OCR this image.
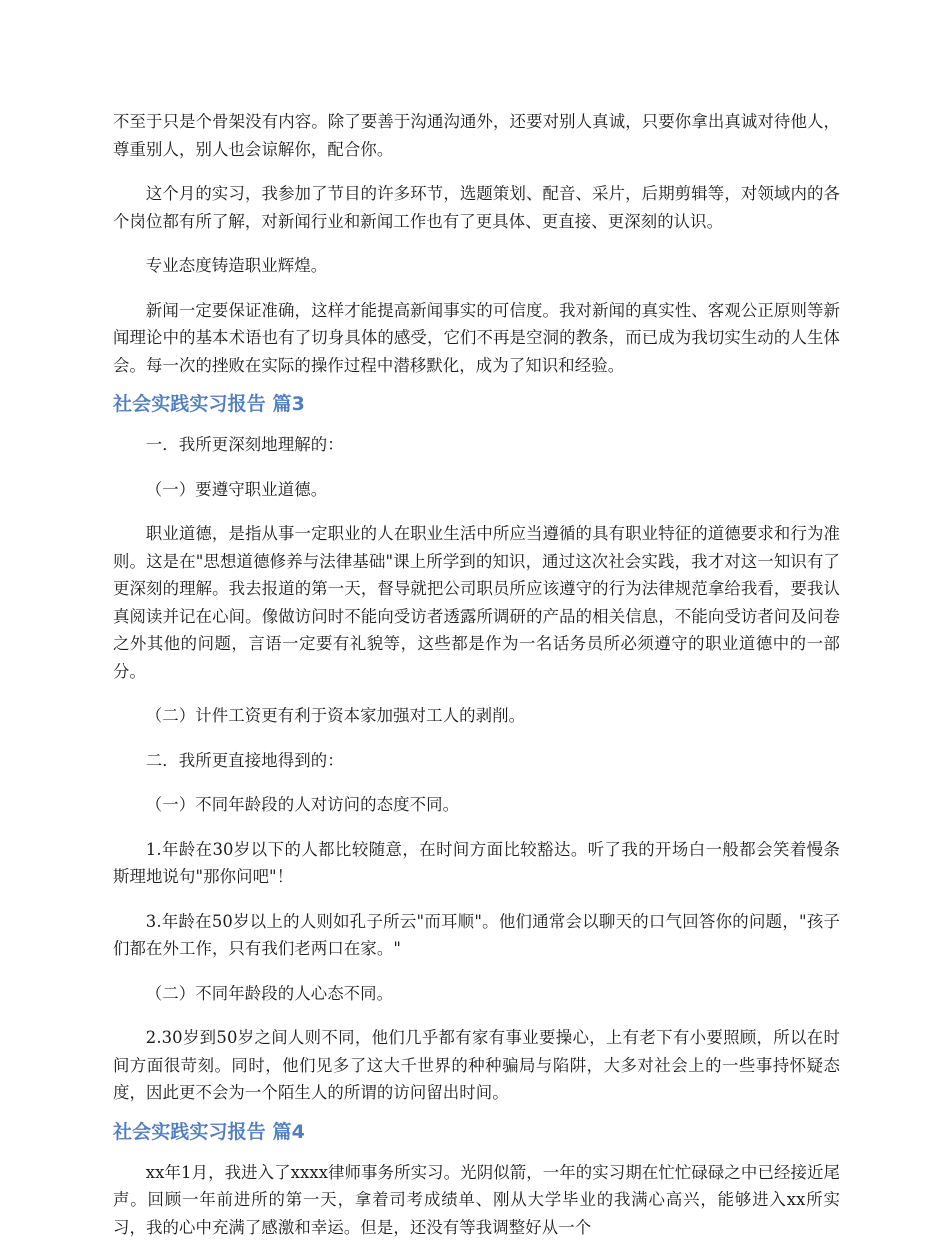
不至于只是个骨架没有内容。除了要善于沟通沟通外，还要对别人真诚，只要你拿出真诚对待他人，尊重别人，别人也会谅解你，配合你。

这个月的实习，我参加了节目的许多环节，选题策划、配音、采片，后期剪辑等，对领域内的各个岗位都有所了解，对新闻行业和新闻工作也有了更具体、更直接、更深刻的认识。

专业态度铸造职业辉煌。

新闻一定要保证准确，这样才能提高新闻事实的可信度。我对新闻的真实性、客观公正原则等新闻理论中的基本术语也有了切身具体的感受，它们不再是空洞的教条，而已成为我切实生动的人生体会。每一次的挫败在实际的操作过程中潜移默化，成为了知识和经验。

社会实践实习报告 篇3

一．我所更深刻地理解的：

（一）要遵守职业道德。

职业道德，是指从事一定职业的人在职业生活中所应当遵循的具有职业特征的道德要求和行为准则。这是在"思想道德修养与法律基础"课上所学到的知识，通过这次社会实践，我才对这一知识有了更深刻的理解。我去报道的第一天，督导就把公司职员所应该遵守的行为法律规范拿给我看，要我认真阅读并记在心间。像做访问时不能向受访者透露所调研的产品的相关信息，不能向受访者问及问卷之外其他的问题，言语一定要有礼貌等，这些都是作为一名话务员所必须遵守的职业道德中的一部分。

（二）计件工资更有利于资本家加强对工人的剥削。

二．我所更直接地得到的：

（一）不同年龄段的人对访问的态度不同。

1.年龄在30岁以下的人都比较随意，在时间方面比较豁达。听了我的开场白一般都会笑着慢条斯理地说句"那你问吧"！

3.年龄在50岁以上的人则如孔子所云"而耳顺"。他们通常会以聊天的口气回答你的问题，"孩子们都在外工作，只有我们老两口在家。"

（二）不同年龄段的人心态不同。

2.30岁到50岁之间人则不同，他们几乎都有家有事业要操心，上有老下有小要照顾，所以在时间方面很苛刻。同时，他们见多了这大千世界的种种骗局与陷阱，大多对社会上的一些事持怀疑态度，因此更不会为一个陌生人的所谓的访问留出时间。

社会实践实习报告 篇4

xx年1月，我进入了xxxx律师事务所实习。光阴似箭，一年的实习期在忙忙碌碌之中已经接近尾声。回顾一年前进所的第一天，拿着司考成绩单、刚从大学毕业的我满心高兴，能够进入xx所实习，我的心中充满了感激和幸运。但是，还没有等我调整好从一个
